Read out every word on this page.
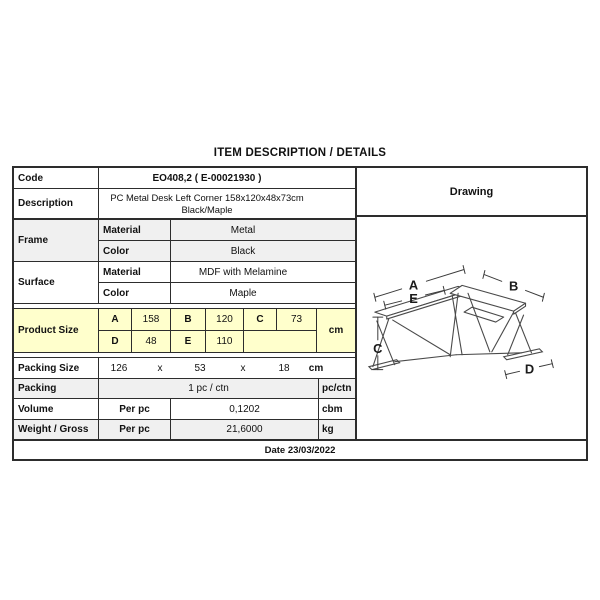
ITEM DESCRIPTION / DETAILS
Code	EO408,2 ( E-00021930 )
Description
PC Metal Desk Left Corner 158x120x48x73cm
Black/Maple
Frame
Material	Metal
Color	Black
Surface
Material	MDF with Melamine
Color	Maple
Product Size
A	158	B	120	C	73
D	48	E	110
cm
Packing Size	126	x	53	x	18	cm
Packing	1 pc / ctn	pc/ctn
Volume	Per pc	0,1202	cbm
Weight / Gross	Per pc	21,6000	kg
Drawing
A	B
E
C
D
Date 23/03/2022
